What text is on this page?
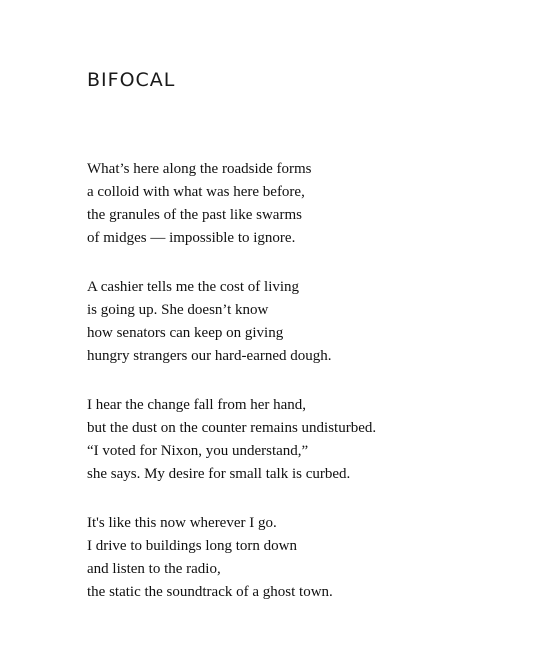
BIFOCAL
What’s here along the roadside forms
a colloid with what was here before,
the granules of the past like swarms
of midges — impossible to ignore.
A cashier tells me the cost of living
is going up. She doesn’t know
how senators can keep on giving
hungry strangers our hard-earned dough.
I hear the change fall from her hand,
but the dust on the counter remains undisturbed.
“I voted for Nixon, you understand,”
she says. My desire for small talk is curbed.
It's like this now wherever I go.
I drive to buildings long torn down
and listen to the radio,
the static the soundtrack of a ghost town.
